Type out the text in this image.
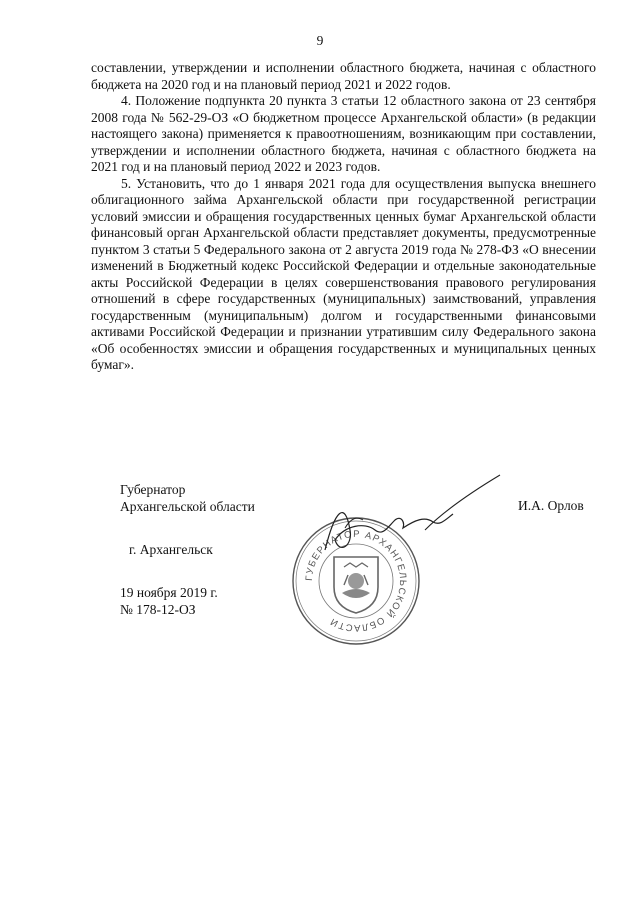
9

составлении, утверждении и исполнении областного бюджета, начиная с областного бюджета на 2020 год и на плановый период 2021 и 2022 годов.

4. Положение подпункта 20 пункта 3 статьи 12 областного закона от 23 сентября 2008 года № 562-29-ОЗ «О бюджетном процессе Архангельской области» (в редакции настоящего закона) применяется к правоотношениям, возникающим при составлении, утверждении и исполнении областного бюджета, начиная с областного бюджета на 2021 год и на плановый период 2022 и 2023 годов.

5. Установить, что до 1 января 2021 года для осуществления выпуска внешнего облигационного займа Архангельской области при государственной регистрации условий эмиссии и обращения государственных ценных бумаг Архангельской области финансовый орган Архангельской области представляет документы, предусмотренные пунктом 3 статьи 5 Федерального закона от 2 августа 2019 года № 278-ФЗ «О внесении изменений в Бюджетный кодекс Российской Федерации и отдельные законодательные акты Российской Федерации в целях совершенствования правового регулирования отношений в сфере государственных (муниципальных) заимствований, управления государственным (муниципальным) долгом и государственными финансовыми активами Российской Федерации и признании утратившим силу Федерального закона «Об особенностях эмиссии и обращения государственных и муниципальных ценных бумаг».

Губернатор
Архангельской области	И.А. Орлов
ГУБЕРНАТОР АРХАНГЕЛЬСКОЙ ОБЛАСТИ
г. Архангельск
19 ноября 2019 г.
№ 178-12-ОЗ
